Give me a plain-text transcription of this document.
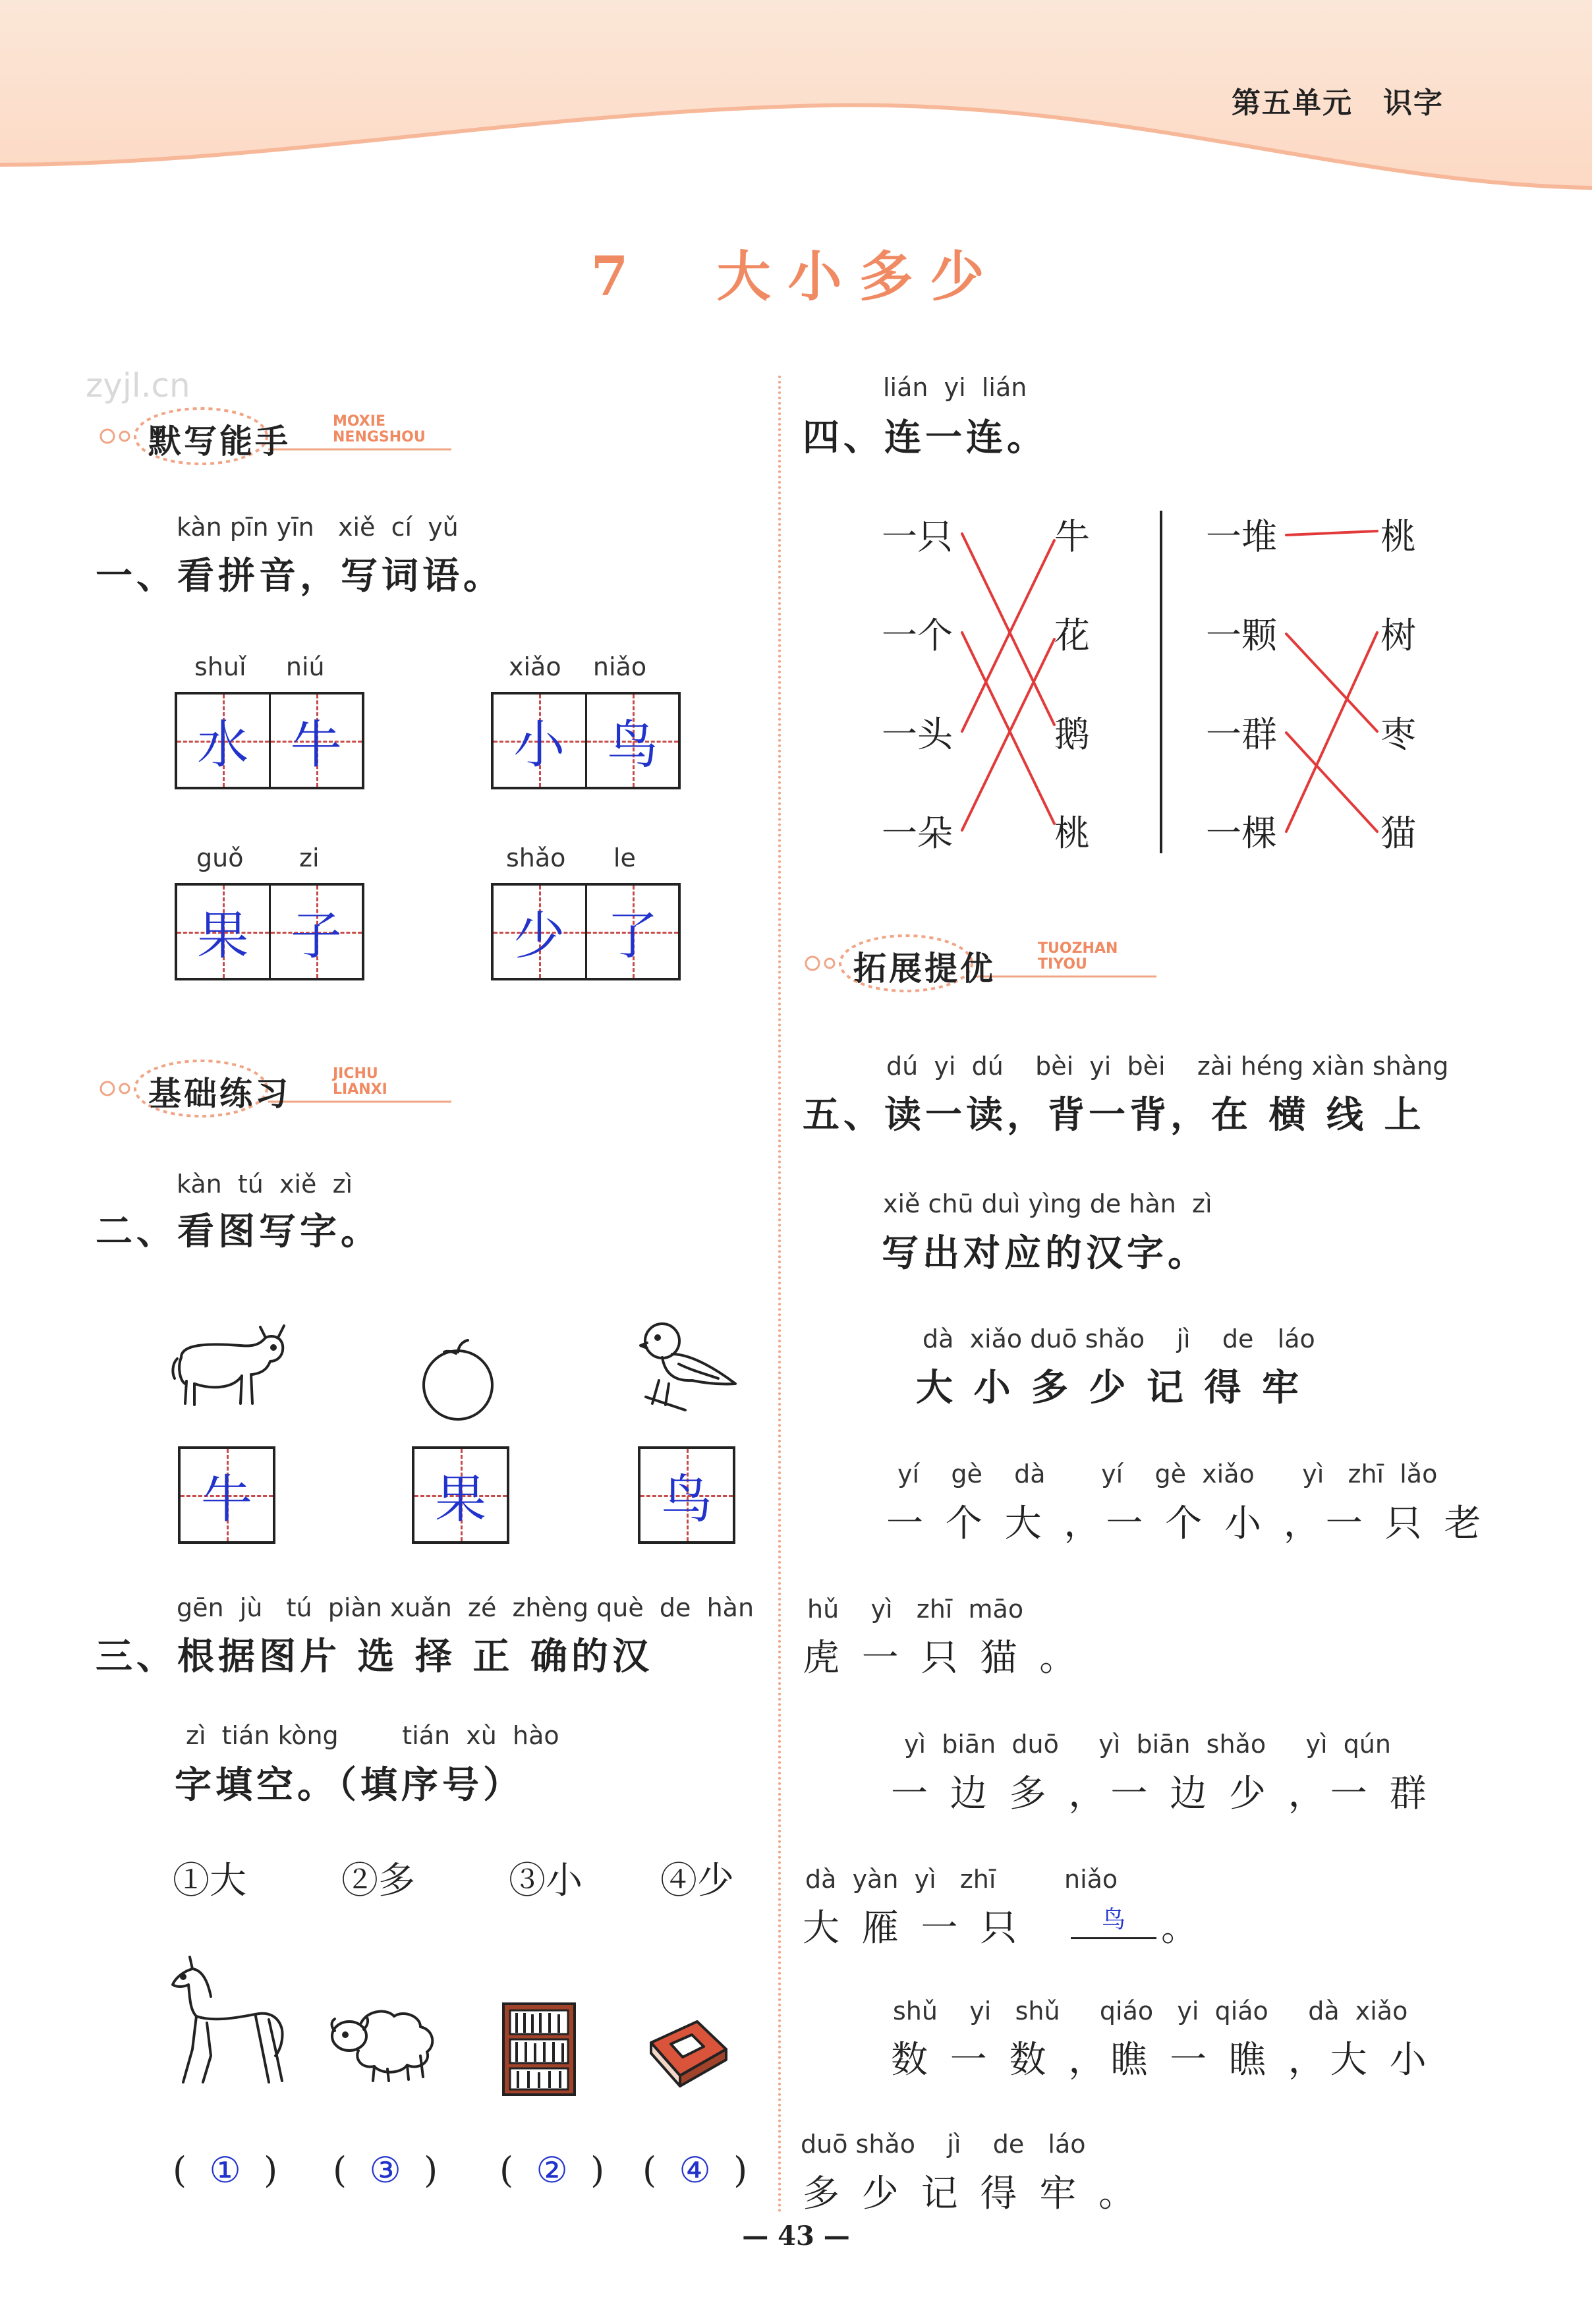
第五单元　识字
7　大小多少
zyjl.cn
默写能手
MOXIE
NENGSHOU
kàn pīn yīn   xiě  cí  yǔ
一、看拼音，写词语。
shuǐ     niú
水 牛
xiǎo    niǎo
小 鸟
guǒ       zi
果 子
shǎo      le
少 了
基础练习
JICHU
LIANXI
kàn  tú  xiě  zì
二、看图写字。
牛	果	鸟
gēn  jù   tú  piàn xuǎn  zé  zhèng què  de  hàn
三、根据图片 选 择 正 确的汉
zì  tián kòng        tián  xù  hào
字填空。（填序号）
①大	②多	③小 ④少
(  ①  ) (  ③  ) (  ②  ) (  ④  )
lián  yi  lián
四、连一连。
一只
一个
一头
一朵
牛
花
鹅
桃
一堆
一颗
一群
一棵
桃
树
枣
猫
拓展提优
TUOZHAN
TIYOU
dú  yi  dú    bèi  yi  bèi    zài héng xiàn shàng
五、读一读，背一背，在 横 线 上
xiě chū duì yìng de hàn  zì
写出对应的汉字。
dà  xiǎo duō shǎo    jì    de   láo
大 小 多 少 记 得 牢
yí    gè    dà       yí    gè  xiǎo      yì   zhī  lǎo
一 个 大 ，一 个 小 ，一 只 老
hǔ    yì   zhī  māo
虎 一 只 猫 。
yì  biān  duō     yì  biān  shǎo     yì  qún
一 边 多 ，一 边 少 ，一 群
dà  yàn  yì   zhī	niǎo
大 雁 一 只	鸟 。
shǔ    yi   shǔ     qiáo   yi  qiáo     dà  xiǎo
数 一 数 ，瞧 一 瞧 ，大 小
duō shǎo    jì    de   láo
多 少 记 得 牢 。
— 43 —
